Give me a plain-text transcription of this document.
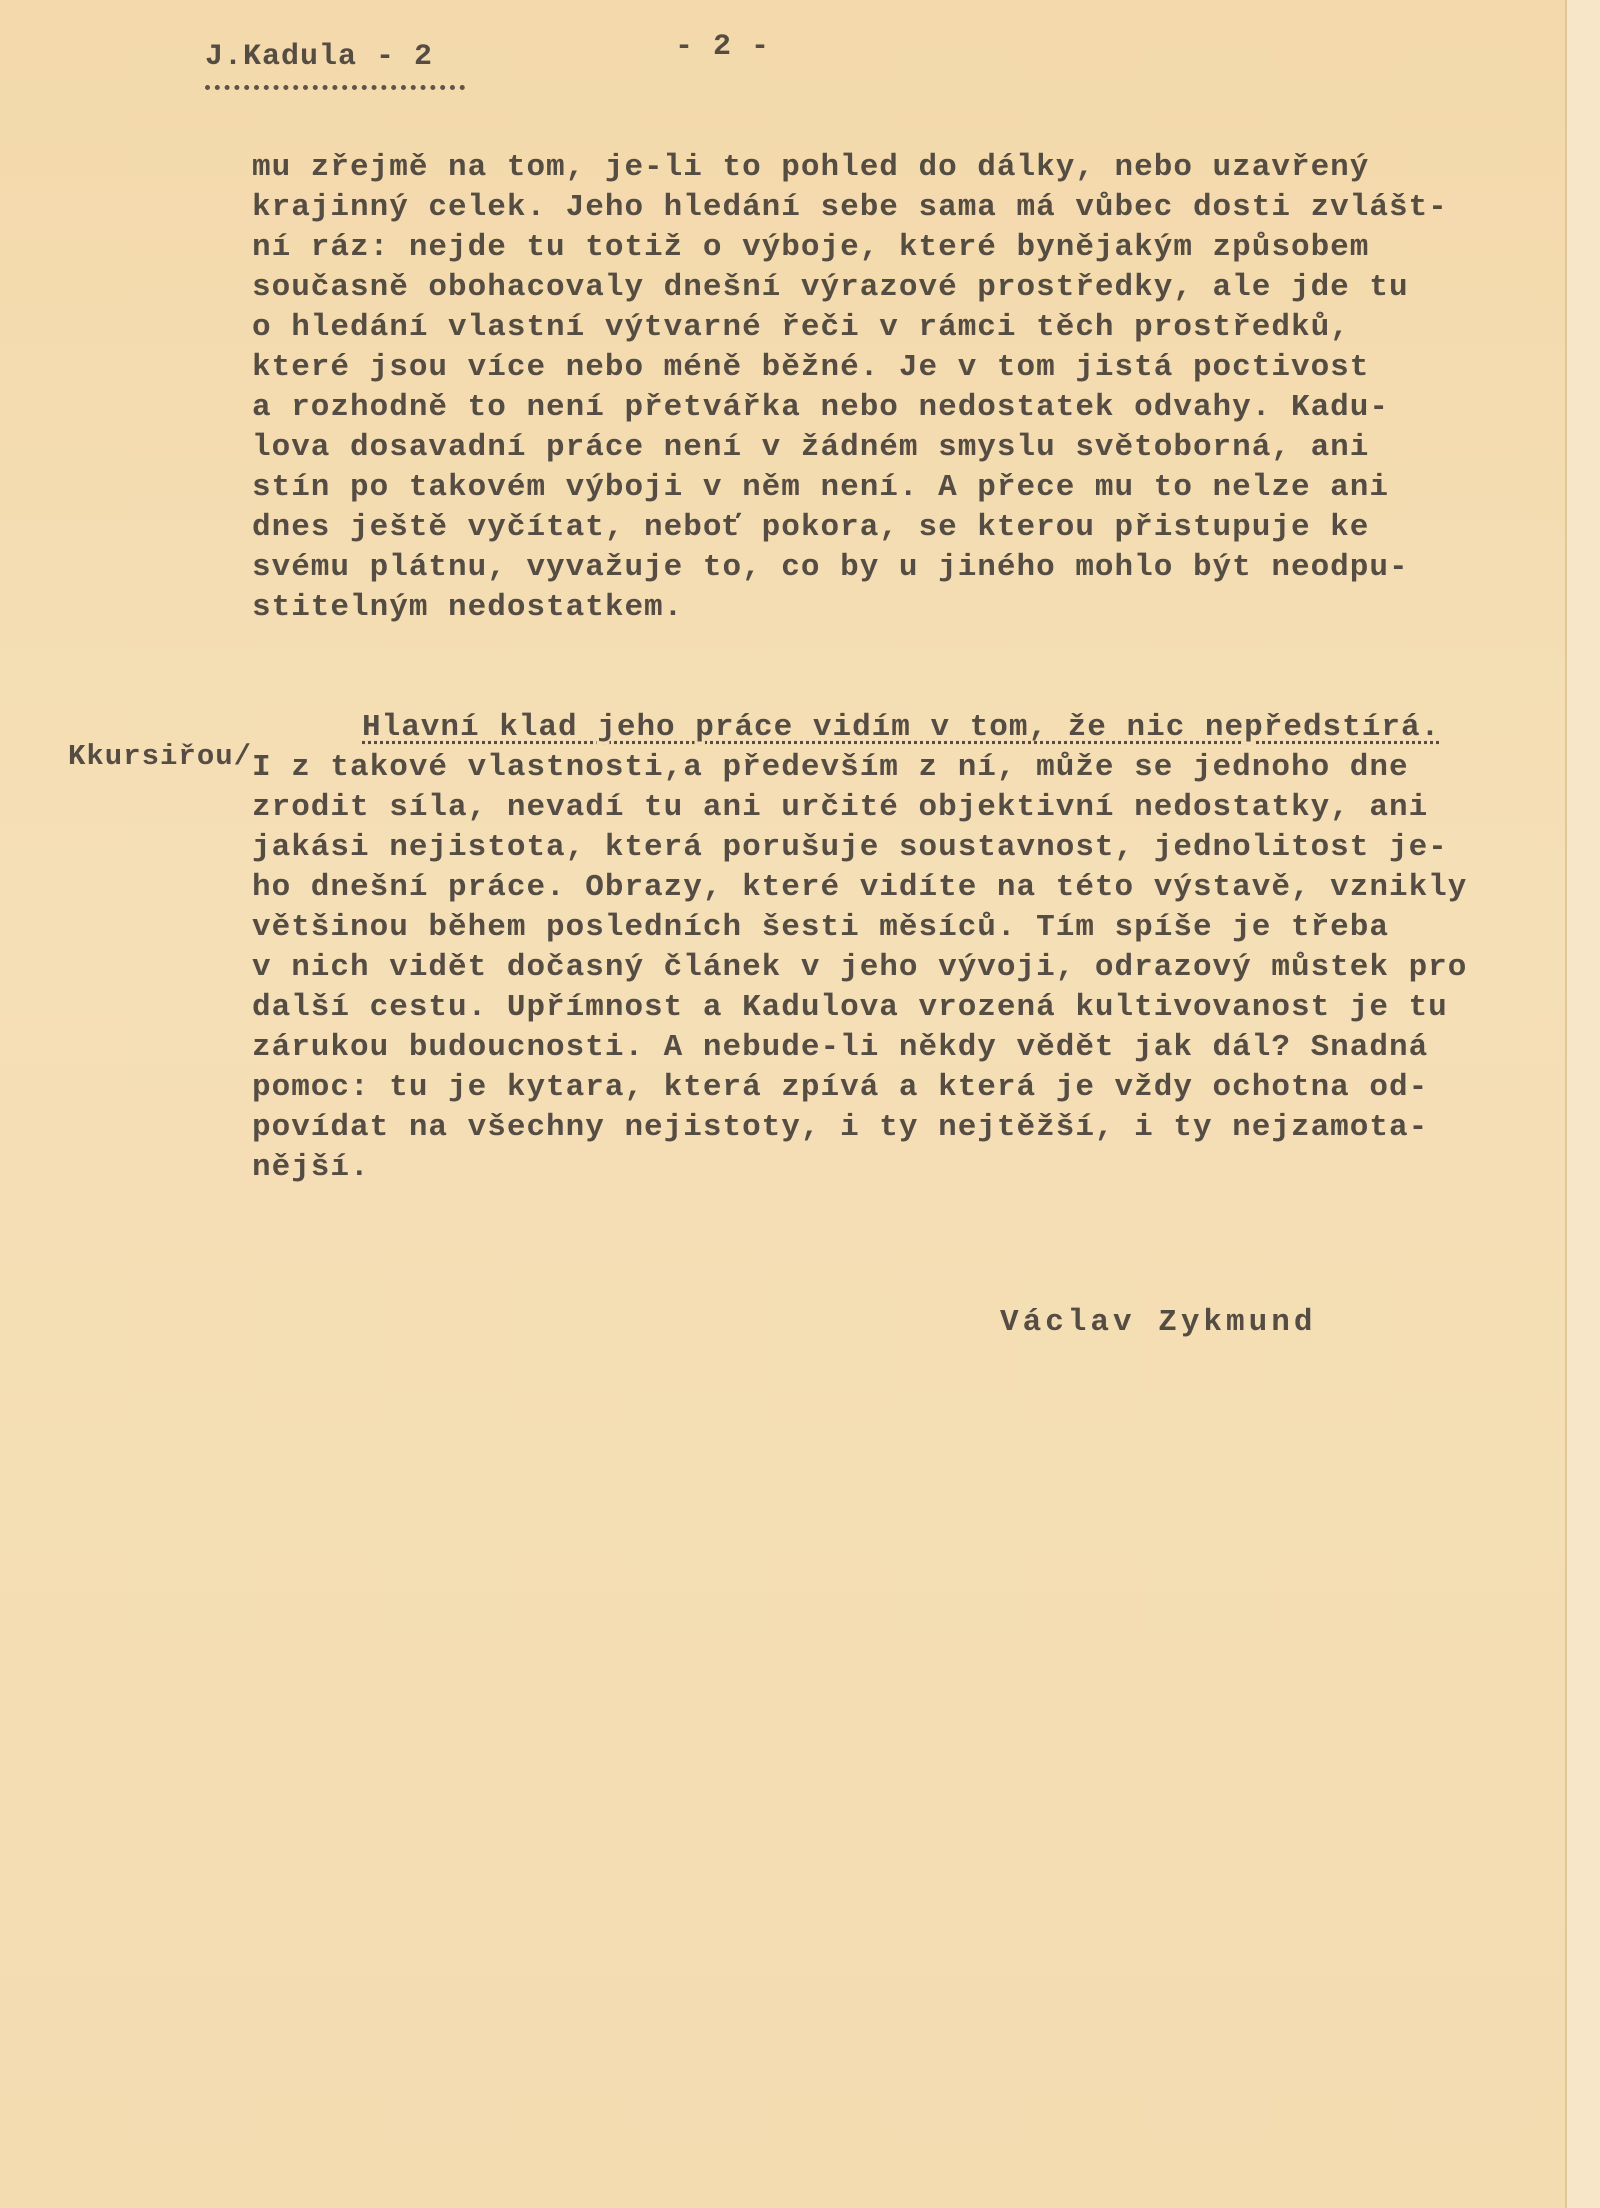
J.Kadula - 2	- 2 -
mu zřejmě na tom, je-li to pohled do dálky, nebo uzavřený
krajinný celek. Jeho hledání sebe sama má vůbec dosti zvlášt-
ní ráz: nejde tu totiž o výboje, které bynějakým způsobem
současně obohacovaly dnešní výrazové prostředky, ale jde tu
o hledání vlastní výtvarné řeči v rámci těch prostředků,
které jsou více nebo méně běžné. Je v tom jistá poctivost
a rozhodně to není přetvářka nebo nedostatek odvahy. Kadu-
lova dosavadní práce není v žádném smyslu světoborná, ani
stín po takovém výboji v něm není. A přece mu to nelze ani
dnes ještě vyčítat, neboť pokora, se kterou přistupuje ke
svému plátnu, vyvažuje to, co by u jiného mohlo být neodpu-
stitelným nedostatkem.
Kkursiřou/
Hlavní klad jeho práce vidím v tom, že nic nepředstírá.
I z takové vlastnosti,a především z ní, může se jednoho dne
zrodit síla, nevadí tu ani určité objektivní nedostatky, ani
jakási nejistota, která porušuje soustavnost, jednolitost je-
ho dnešní práce. Obrazy, které vidíte na této výstavě, vznikly
většinou během posledních šesti měsíců. Tím spíše je třeba
v nich vidět dočasný článek v jeho vývoji, odrazový můstek pro
další cestu. Upřímnost a Kadulova vrozená kultivovanost je tu
zárukou budoucnosti. A nebude-li někdy vědět jak dál? Snadná
pomoc: tu je kytara, která zpívá a která je vždy ochotna od-
povídat na všechny nejistoty, i ty nejtěžší, i ty nejzamota-
nější.
Václav Zykmund
